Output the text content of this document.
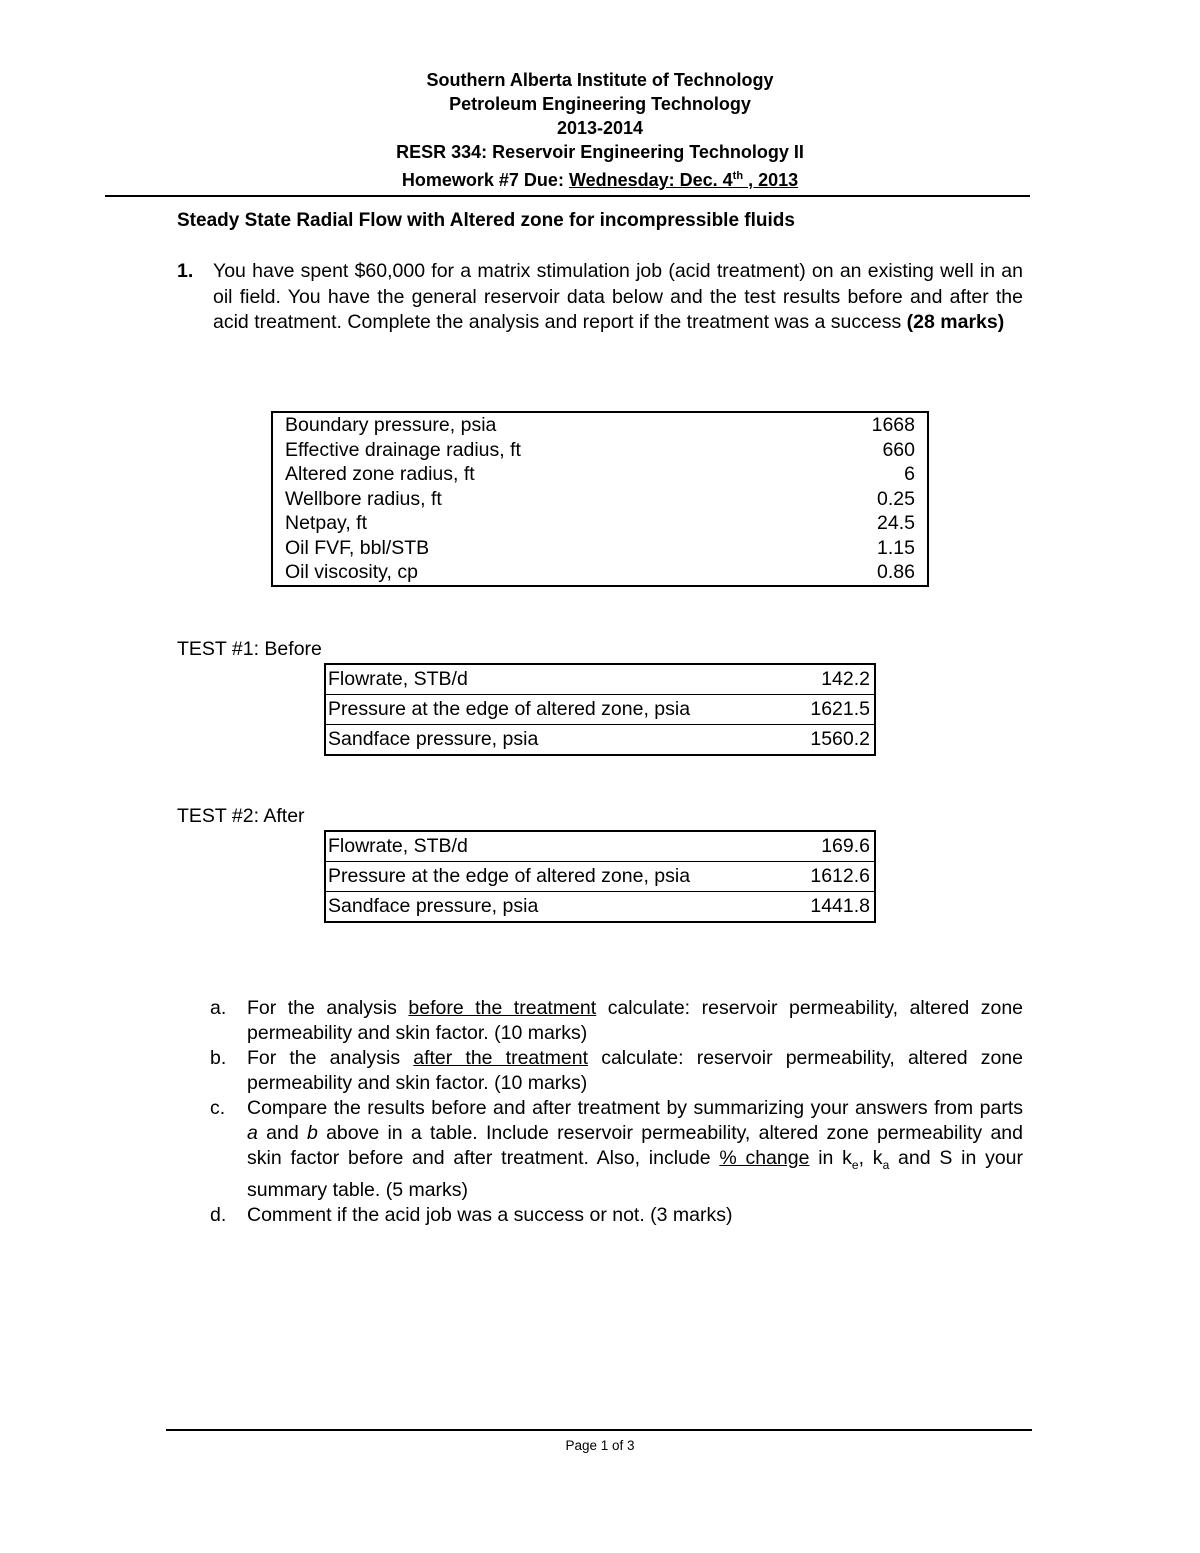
Southern Alberta Institute of Technology
Petroleum Engineering Technology
2013-2014
RESR 334: Reservoir Engineering Technology II
Homework #7 Due: Wednesday: Dec. 4th , 2013
Steady State Radial Flow with Altered zone for incompressible fluids
1. You have spent $60,000 for a matrix stimulation job (acid treatment) on an existing well in an oil field. You have the general reservoir data below and the test results before and after the acid treatment. Complete the analysis and report if the treatment was a success (28 marks)
Boundary pressure, psia	1668
Effective drainage radius, ft	660
Altered zone radius, ft	6
Wellbore radius, ft	0.25
Netpay, ft	24.5
Oil FVF, bbl/STB	1.15
Oil viscosity, cp	0.86
TEST #1: Before
Flowrate, STB/d	142.2
Pressure at the edge of altered zone, psia	1621.5
Sandface pressure, psia	1560.2
TEST #2: After
Flowrate, STB/d	169.6
Pressure at the edge of altered zone, psia	1612.6
Sandface pressure, psia	1441.8
a. For the analysis before the treatment calculate: reservoir permeability, altered zone permeability and skin factor. (10 marks)
b. For the analysis after the treatment calculate: reservoir permeability, altered zone permeability and skin factor. (10 marks)
c. Compare the results before and after treatment by summarizing your answers from parts a and b above in a table. Include reservoir permeability, altered zone permeability and skin factor before and after treatment. Also, include % change in $k_e$, $k_a$ and S in your summary table. (5 marks)
d. Comment if the acid job was a success or not. (3 marks)
Page 1 of 3
